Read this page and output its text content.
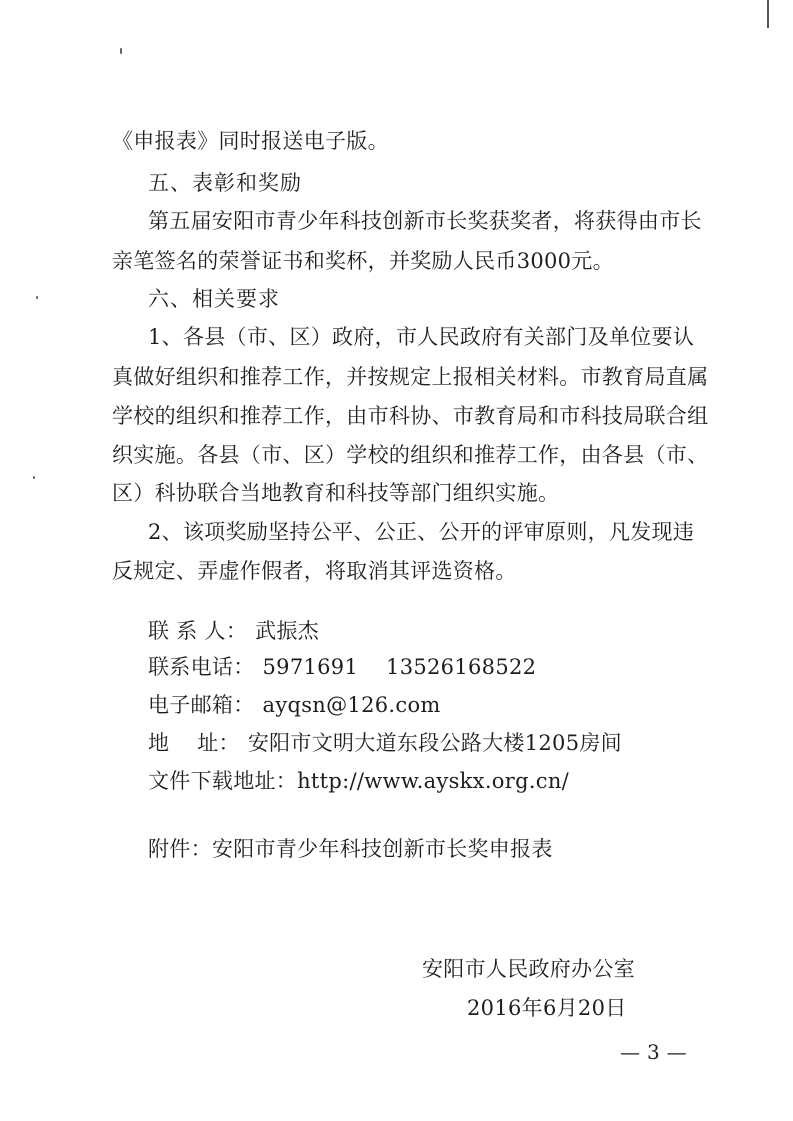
《申报表》同时报送电子版。
五、表彰和奖励
第五届安阳市青少年科技创新市长奖获奖者，将获得由市长
亲笔签名的荣誉证书和奖杯，并奖励人民币3000元。
六、相关要求
1、各县（市、区）政府，市人民政府有关部门及单位要认
真做好组织和推荐工作，并按规定上报相关材料。市教育局直属
学校的组织和推荐工作，由市科协、市教育局和市科技局联合组
织实施。各县（市、区）学校的组织和推荐工作，由各县（市、
区）科协联合当地教育和科技等部门组织实施。
2、该项奖励坚持公平、公正、公开的评审原则，凡发现违
反规定、弄虚作假者，将取消其评选资格。
联 系 人： 武振杰
联系电话： 5971691    13526168522
电子邮箱： ayqsn@126.com
地    址： 安阳市文明大道东段公路大楼1205房间
文件下载地址：http://www.ayskx.org.cn/
附件：安阳市青少年科技创新市长奖申报表
安阳市人民政府办公室
2016年6月20日
— 3 —
